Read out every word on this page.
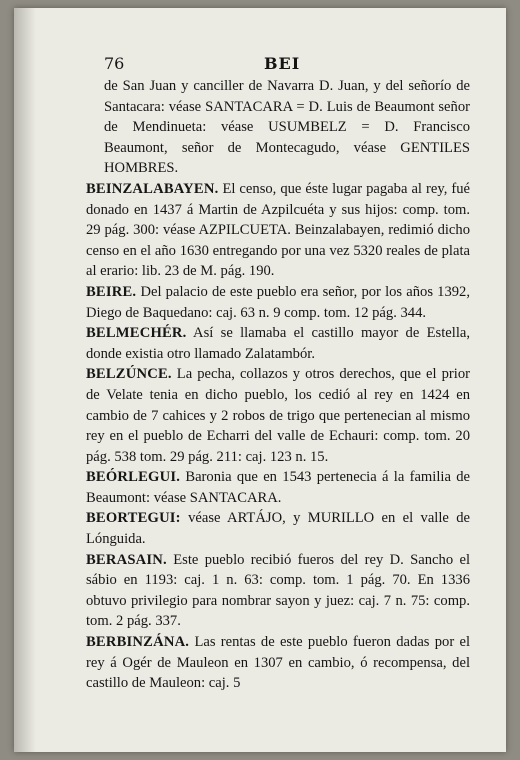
76	BEI

de San Juan y canciller de Navarra D. Juan, y del señorío de Santacara: véase SANTACARA = D. Luis de Beaumont señor de Mendinueta: véase USUMBELZ = D. Francisco Beaumont, señor de Montecagudo, véase GENTILES HOMBRES.

BEINZALABAYEN. El censo, que éste lugar pagaba al rey, fué donado en 1437 á Martin de Azpilcuéta y sus hijos: comp. tom. 29 pág. 300: véase AZPILCUETA. Beinzalabayen, redimió dicho censo en el año 1630 entregando por una vez 5320 reales de plata al erario: lib. 23 de M. pág. 190.

BEIRE. Del palacio de este pueblo era señor, por los años 1392, Diego de Baquedano: caj. 63 n. 9 comp. tom. 12 pág. 344.

BELMECHÉR. Así se llamaba el castillo mayor de Estella, donde existia otro llamado Zalatambór.

BELZÚNCE. La pecha, collazos y otros derechos, que el prior de Velate tenia en dicho pueblo, los cedió al rey en 1424 en cambio de 7 cahices y 2 robos de trigo que pertenecian al mismo rey en el pueblo de Echarri del valle de Echauri: comp. tom. 20 pág. 538 tom. 29 pág. 211: caj. 123 n. 15.

BEÓRLEGUI. Baronia que en 1543 pertenecia á la familia de Beaumont: véase SANTACARA.

BEORTEGUI: véase ARTÁJO, y MURILLO en el valle de Lónguida.

BERASAIN. Este pueblo recibió fueros del rey D. Sancho el sábio en 1193: caj. 1 n. 63: comp. tom. 1 pág. 70. En 1336 obtuvo privilegio para nombrar sayon y juez: caj. 7 n. 75: comp. tom. 2 pág. 337.

BERBINZÁNA. Las rentas de este pueblo fueron dadas por el rey á Ogér de Mauleon en 1307 en cambio, ó recompensa, del castillo de Mauleon: caj. 5
